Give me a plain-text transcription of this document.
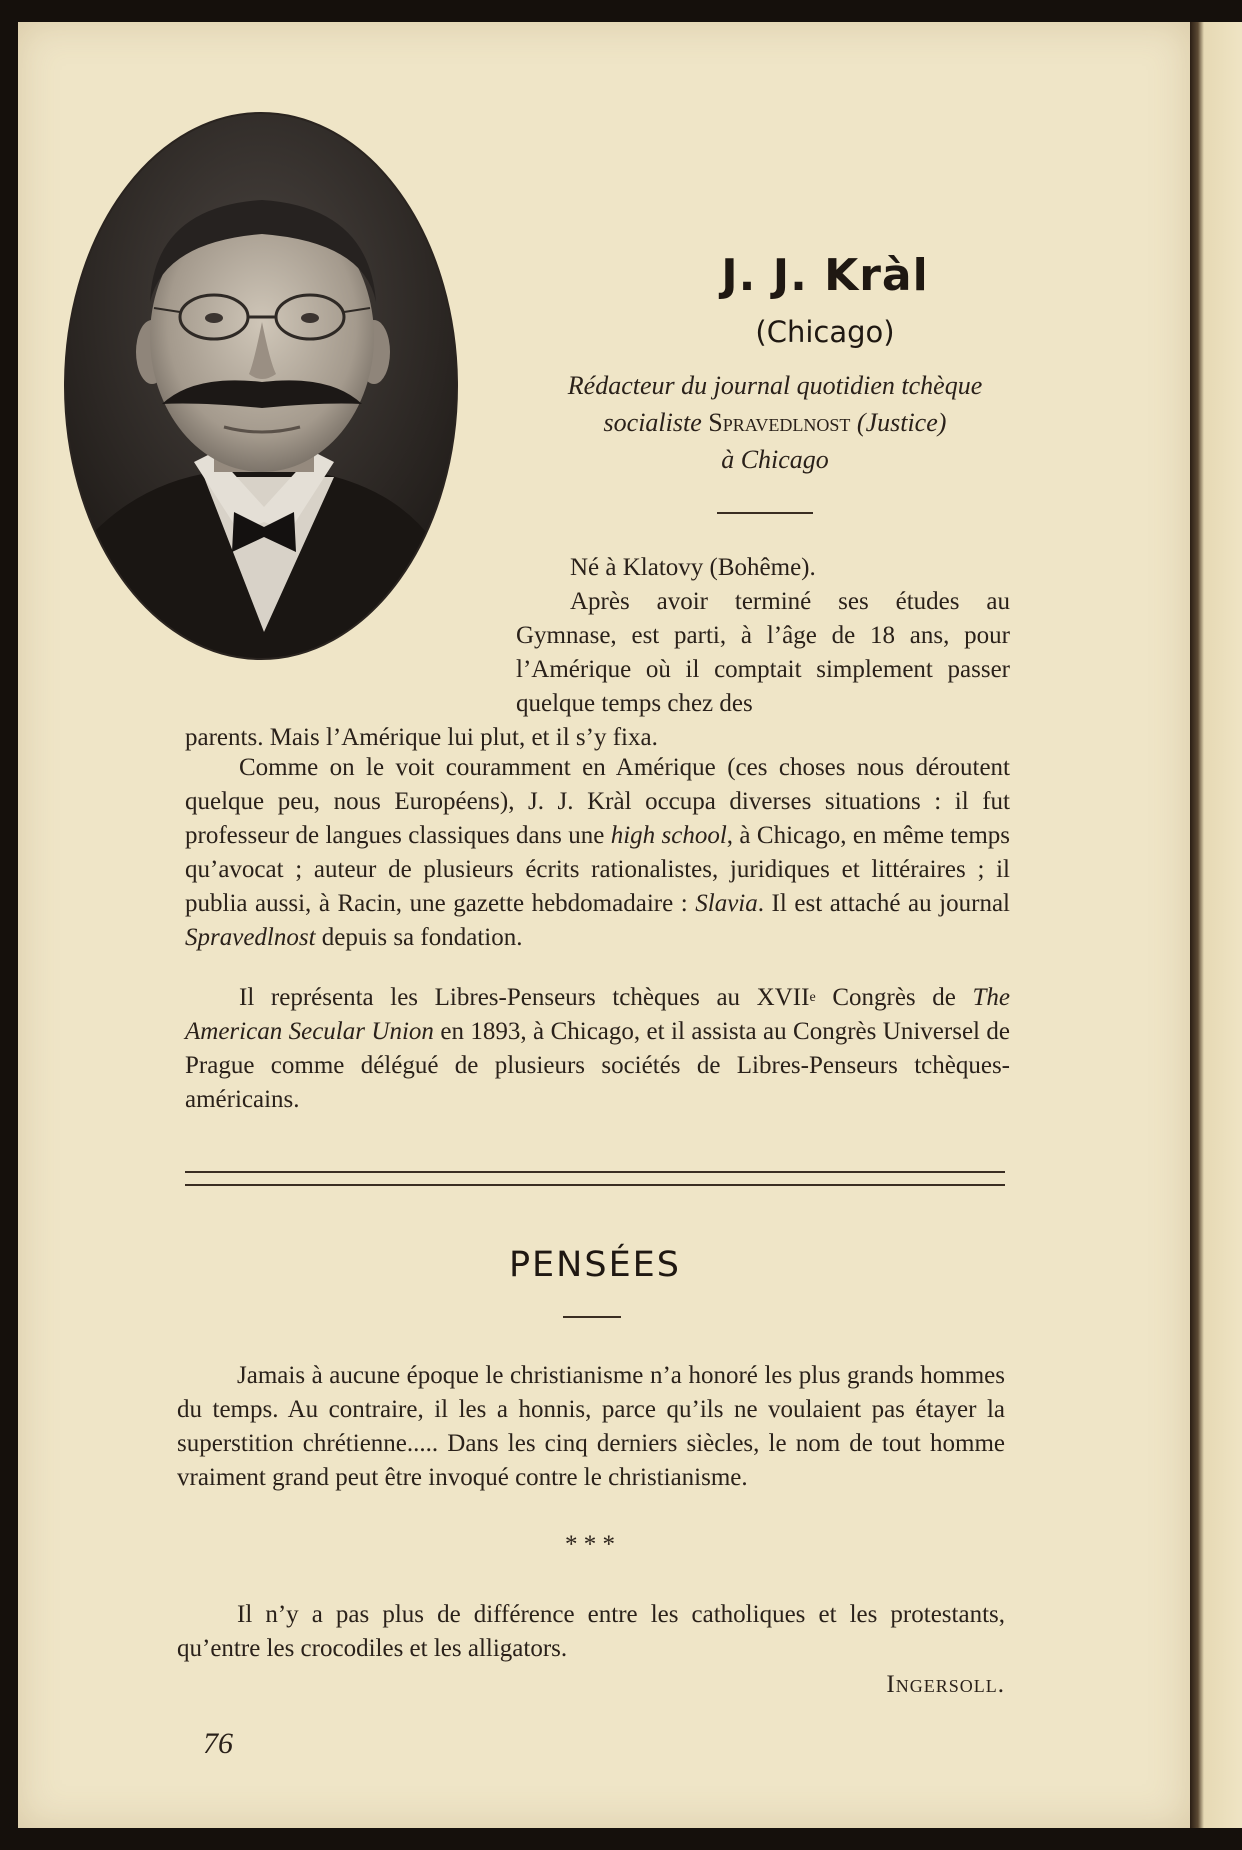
J. J. Kràl
(Chicago)
Rédacteur du journal quotidien tchèque
socialiste Spravedlnost (Justice)
à Chicago

Né à Klatovy (Bohême).

Après avoir terminé ses études au Gymnase, est parti, à l’âge de 18 ans, pour l’Amérique où il comptait simplement passer quelque temps chez des

parents. Mais l’Amérique lui plut, et il s’y fixa.

Comme on le voit couramment en Amérique (ces choses nous déroutent quelque peu, nous Européens), J. J. Kràl occupa diverses situations : il fut professeur de langues classiques dans une high school, à Chicago, en même temps qu’avocat ; auteur de plusieurs écrits rationalistes, juridiques et littéraires ; il publia aussi, à Racin, une gazette hebdomadaire : Slavia. Il est attaché au journal Spravedlnost depuis sa fondation.

Il représenta les Libres-Penseurs tchèques au XVIIe Congrès de The American Secular Union en 1893, à Chicago, et il assista au Congrès Universel de Prague comme délégué de plusieurs sociétés de Libres-Penseurs tchèques-américains.

PENSÉES

Jamais à aucune époque le christianisme n’a honoré les plus grands hommes du temps. Au contraire, il les a honnis, parce qu’ils ne voulaient pas étayer la superstition chrétienne..... Dans les cinq derniers siècles, le nom de tout homme vraiment grand peut être invoqué contre le christianisme.

* * *

Il n’y a pas plus de différence entre les catholiques et les protestants, qu’entre les crocodiles et les alligators.

Ingersoll.
76
